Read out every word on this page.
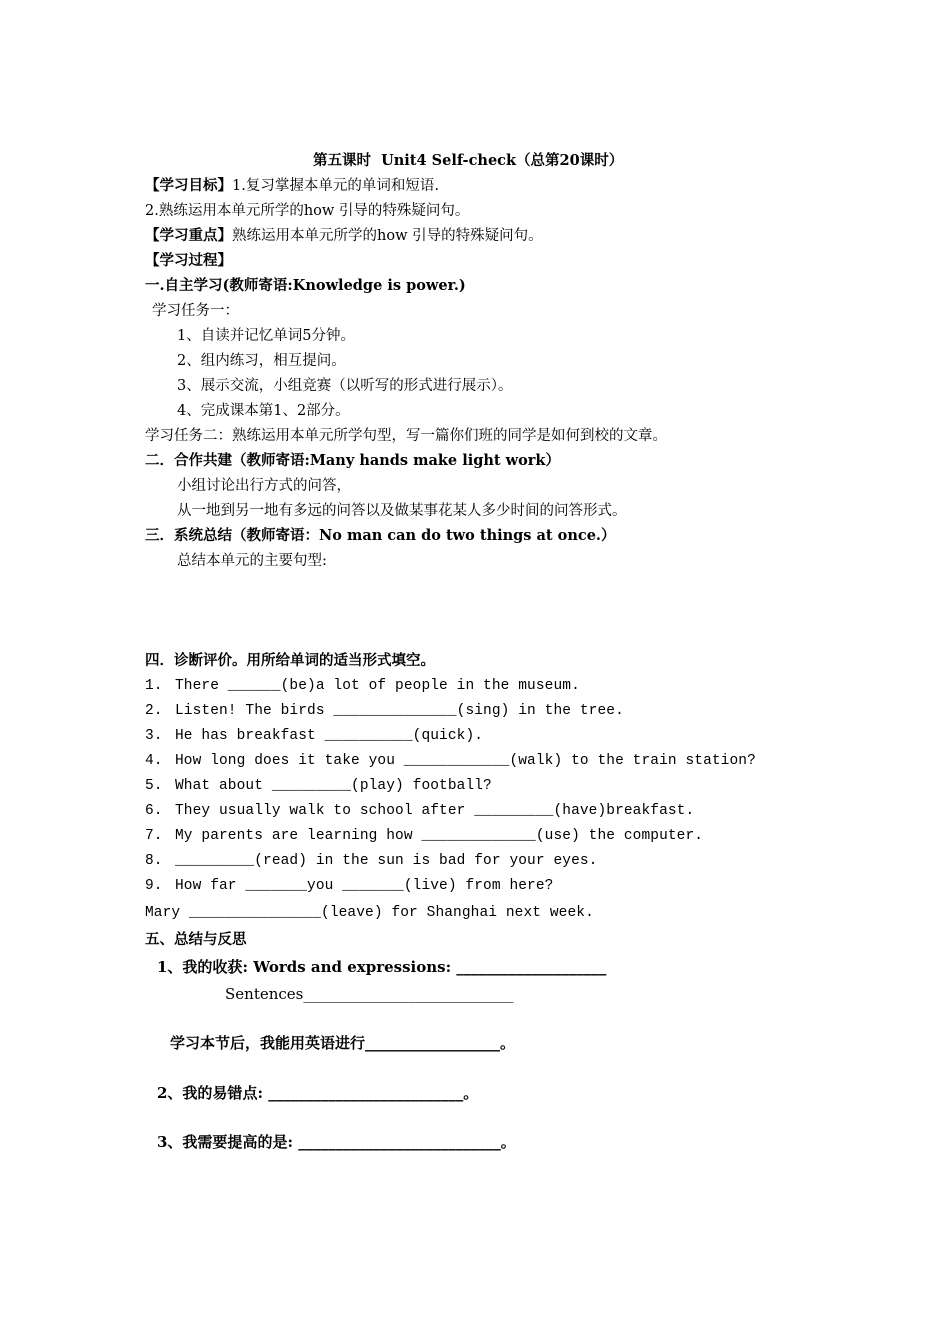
第五课时  Unit4 Self-check（总第20课时）
【学习目标】1.复习掌握本单元的单词和短语.
2.熟练运用本单元所学的how 引导的特殊疑问句。
【学习重点】熟练运用本单元所学的how 引导的特殊疑问句。
【学习过程】
一.自主学习(教师寄语:Knowledge is power.)
学习任务一：
1、自读并记忆单词5分钟。
2、组内练习，相互提问。
3、展示交流，小组竞赛（以听写的形式进行展示）。
4、完成课本第1、2部分。
学习任务二：熟练运用本单元所学句型，写一篇你们班的同学是如何到校的文章。
二．合作共建（教师寄语:Many hands make light work）
小组讨论出行方式的问答，
从一地到另一地有多远的问答以及做某事花某人多少时间的问答形式。
三．系统总结（教师寄语：No man can do two things at once.）
总结本单元的主要句型:
四．诊断评价。用所给单词的适当形式填空。
1. There ______(be)a lot of people in the museum.
2. Listen! The birds ______________(sing) in the tree.
3. He has breakfast __________(quick).
4. How long does it take you ____________(walk) to the train station?
5. What about _________(play) football?
6. They usually walk to school after _________(have)breakfast.
7. My parents are learning how _____________(use) the computer.
8. _________(read) in the sun is bad for your eyes.
9. How far _______you _______(live) from here?
Mary _______________(leave) for Shanghai next week.
五、总结与反思
1、我的收获: Words and expressions: ____________________
Sentences____________________________
学习本节后，我能用英语进行__________________。
2、我的易错点: __________________________。
3、我需要提高的是: ___________________________。
